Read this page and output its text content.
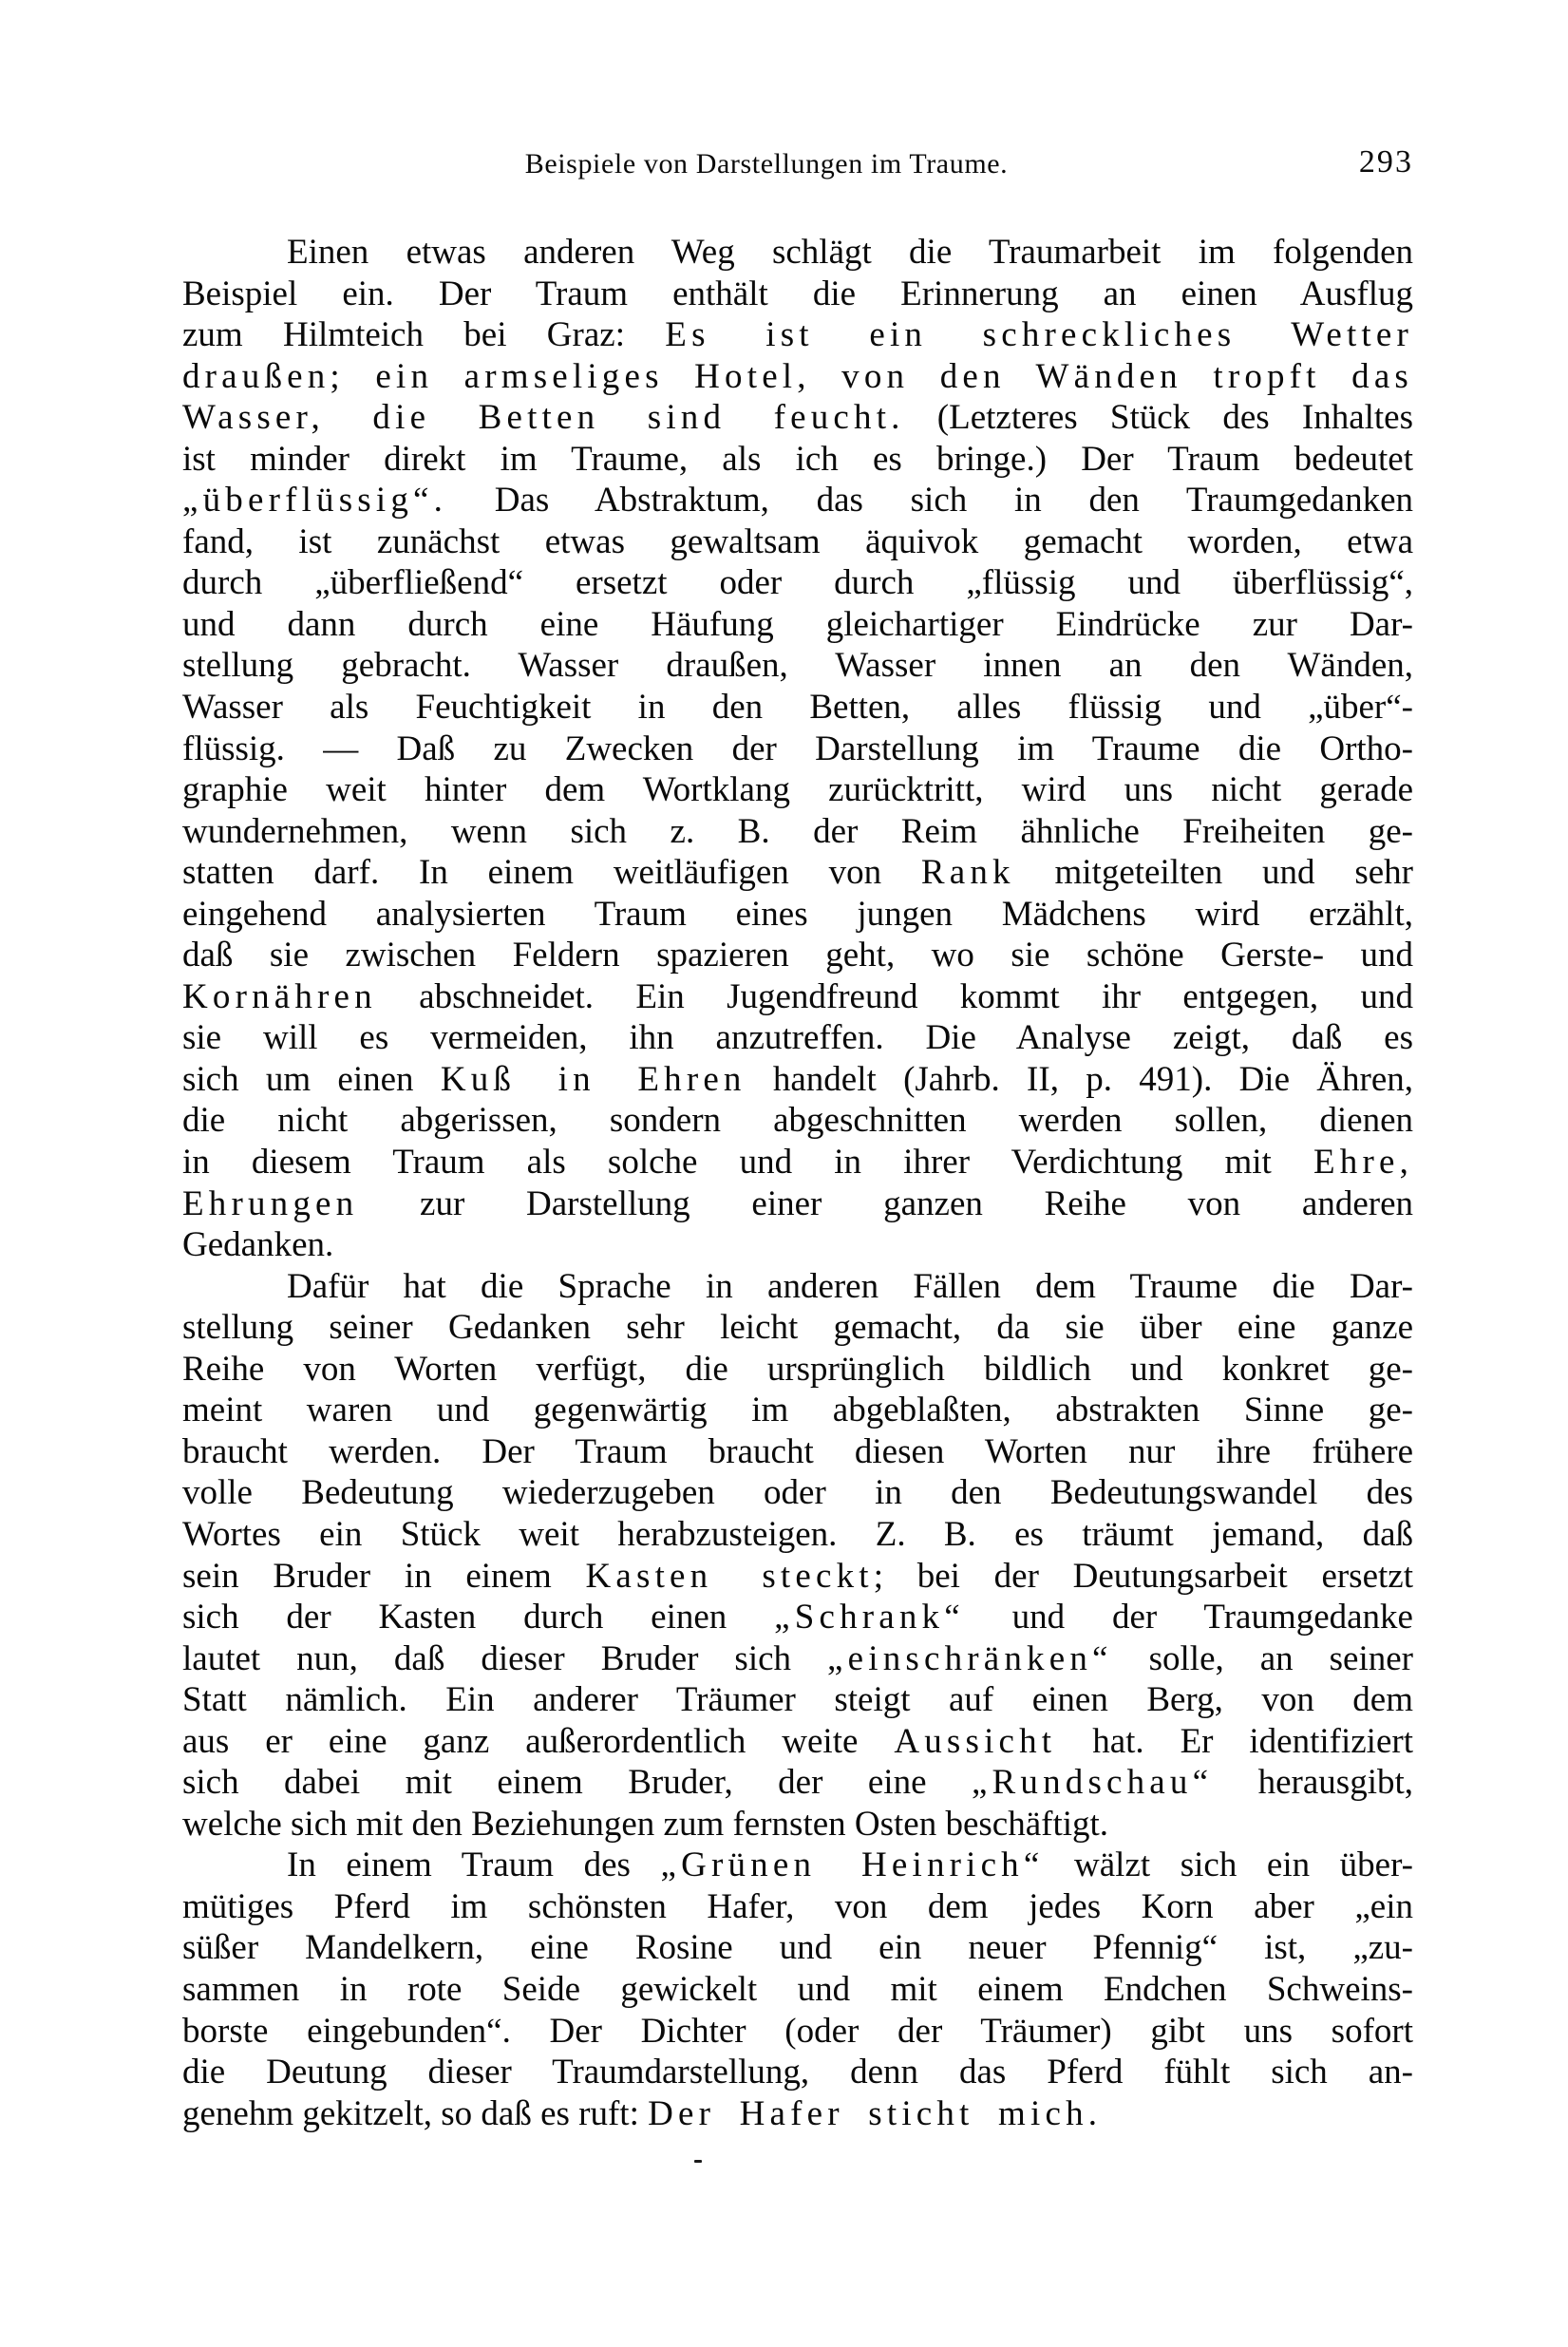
Beispiele von Darstellungen im Traume.	293
Einen etwas anderen Weg schlägt die Traumarbeit im folgenden
Beispiel ein. Der Traum enthält die Erinnerung an einen Ausflug
zum Hilmteich bei Graz: Es ist ein schreckliches Wetter
draußen; ein armseliges Hotel, von den Wänden tropft das
Wasser, die Betten sind feucht. (Letzteres Stück des Inhaltes
ist minder direkt im Traume, als ich es bringe.) Der Traum bedeutet
„überflüssig“. Das Abstraktum, das sich in den Traumgedanken
fand, ist zunächst etwas gewaltsam äquivok gemacht worden, etwa
durch „überfließend“ ersetzt oder durch „flüssig und überflüssig“,
und dann durch eine Häufung gleichartiger Eindrücke zur Dar-
stellung gebracht. Wasser draußen, Wasser innen an den Wänden,
Wasser als Feuchtigkeit in den Betten, alles flüssig und „über“-
flüssig. — Daß zu Zwecken der Darstellung im Traume die Ortho-
graphie weit hinter dem Wortklang zurücktritt, wird uns nicht gerade
wundernehmen, wenn sich z. B. der Reim ähnliche Freiheiten ge-
statten darf. In einem weitläufigen von Rank mitgeteilten und sehr
eingehend analysierten Traum eines jungen Mädchens wird erzählt,
daß sie zwischen Feldern spazieren geht, wo sie schöne Gerste- und
Kornähren abschneidet. Ein Jugendfreund kommt ihr entgegen, und
sie will es vermeiden, ihn anzutreffen. Die Analyse zeigt, daß es
sich um einen Kuß in Ehren handelt (Jahrb. II, p. 491). Die Ähren,
die nicht abgerissen, sondern abgeschnitten werden sollen, dienen
in diesem Traum als solche und in ihrer Verdichtung mit Ehre,
Ehrungen zur Darstellung einer ganzen Reihe von anderen
Gedanken.
Dafür hat die Sprache in anderen Fällen dem Traume die Dar-
stellung seiner Gedanken sehr leicht gemacht, da sie über eine ganze
Reihe von Worten verfügt, die ursprünglich bildlich und konkret ge-
meint waren und gegenwärtig im abgeblaßten, abstrakten Sinne ge-
braucht werden. Der Traum braucht diesen Worten nur ihre frühere
volle Bedeutung wiederzugeben oder in den Bedeutungswandel des
Wortes ein Stück weit herabzusteigen. Z. B. es träumt jemand, daß
sein Bruder in einem Kasten steckt; bei der Deutungsarbeit ersetzt
sich der Kasten durch einen „Schrank“ und der Traumgedanke
lautet nun, daß dieser Bruder sich „einschränken“ solle, an seiner
Statt nämlich. Ein anderer Träumer steigt auf einen Berg, von dem
aus er eine ganz außerordentlich weite Aussicht hat. Er identifiziert
sich dabei mit einem Bruder, der eine „Rundschau“ herausgibt,
welche sich mit den Beziehungen zum fernsten Osten beschäftigt.
In einem Traum des „Grünen Heinrich“ wälzt sich ein über-
mütiges Pferd im schönsten Hafer, von dem jedes Korn aber „ein
süßer Mandelkern, eine Rosine und ein neuer Pfennig“ ist, „zu-
sammen in rote Seide gewickelt und mit einem Endchen Schweins-
borste eingebunden“. Der Dichter (oder der Träumer) gibt uns sofort
die Deutung dieser Traumdarstellung, denn das Pferd fühlt sich an-
genehm gekitzelt, so daß es ruft: Der Hafer sticht mich.
